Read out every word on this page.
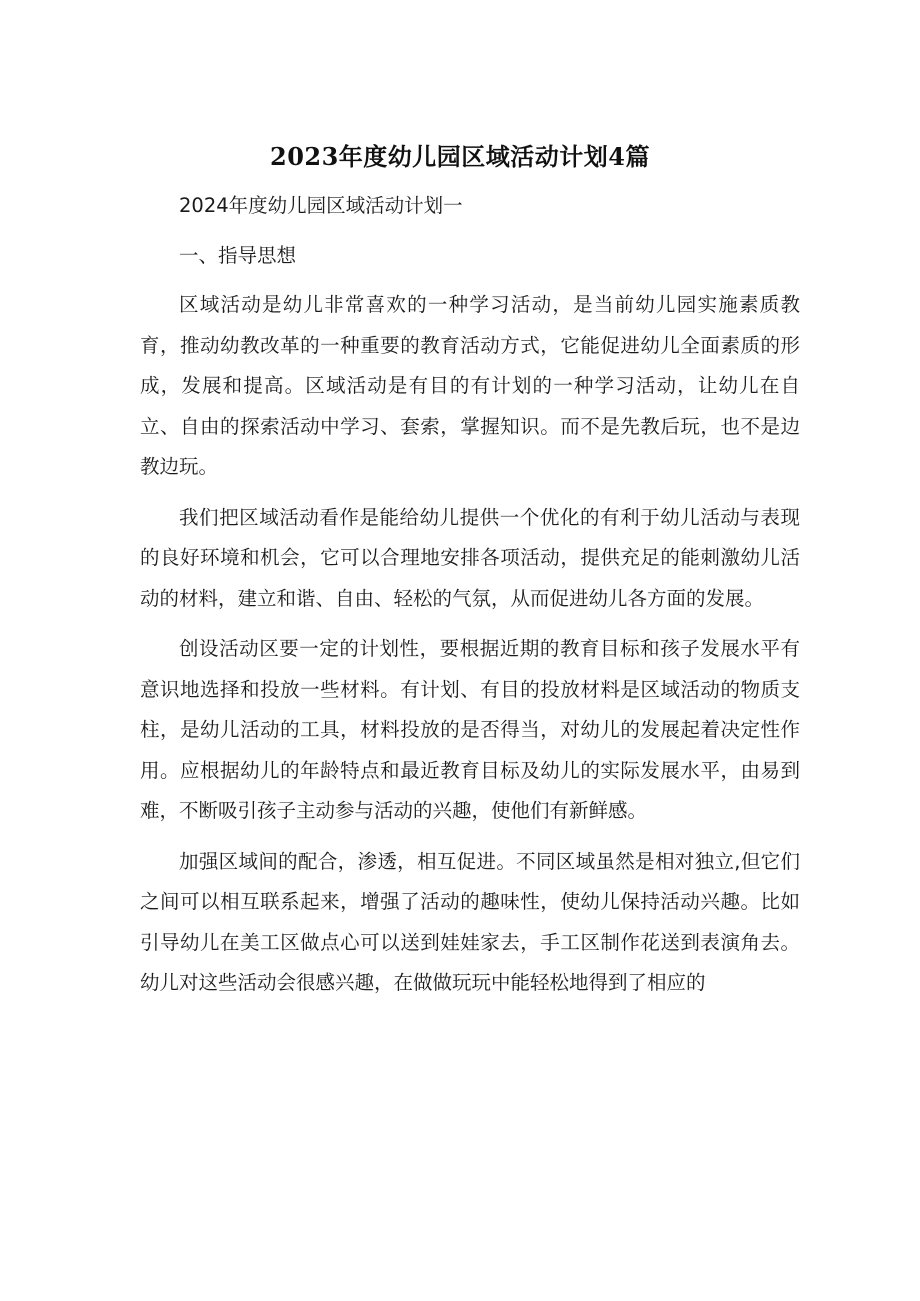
2023年度幼儿园区域活动计划4篇

2024年度幼儿园区域活动计划一

一、指导思想

区域活动是幼儿非常喜欢的一种学习活动，是当前幼儿园实施素质教育，推动幼教改革的一种重要的教育活动方式，它能促进幼儿全面素质的形成，发展和提高。区域活动是有目的有计划的一种学习活动，让幼儿在自立、自由的探索活动中学习、套索，掌握知识。而不是先教后玩，也不是边教边玩。

我们把区域活动看作是能给幼儿提供一个优化的有利于幼儿活动与表现的良好环境和机会，它可以合理地安排各项活动，提供充足的能刺激幼儿活动的材料，建立和谐、自由、轻松的气氛，从而促进幼儿各方面的发展。

创设活动区要一定的计划性，要根据近期的教育目标和孩子发展水平有意识地选择和投放一些材料。有计划、有目的投放材料是区域活动的物质支柱，是幼儿活动的工具，材料投放的是否得当，对幼儿的发展起着决定性作用。应根据幼儿的年龄特点和最近教育目标及幼儿的实际发展水平，由易到难，不断吸引孩子主动参与活动的兴趣，使他们有新鲜感。

加强区域间的配合，渗透，相互促进。不同区域虽然是相对独立,但它们之间可以相互联系起来，增强了活动的趣味性，使幼儿保持活动兴趣。比如引导幼儿在美工区做点心可以送到娃娃家去，手工区制作花送到表演角去。幼儿对这些活动会很感兴趣，在做做玩玩中能轻松地得到了相应的
